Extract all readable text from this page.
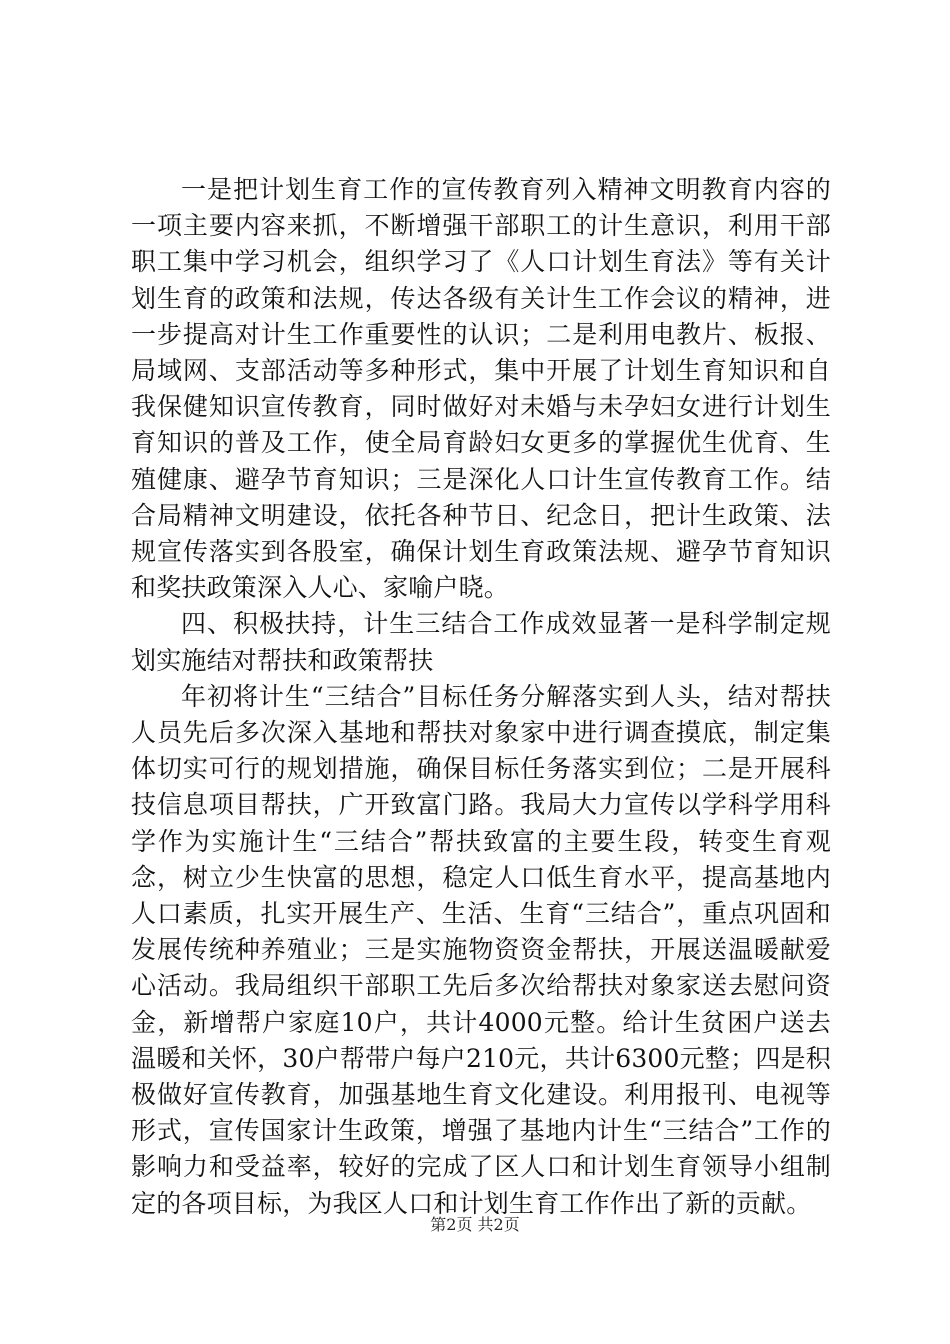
一是把计划生育工作的宣传教育列入精神文明教育内容的一项主要内容来抓，不断增强干部职工的计生意识，利用干部职工集中学习机会，组织学习了《人口计划生育法》等有关计划生育的政策和法规，传达各级有关计生工作会议的精神，进一步提高对计生工作重要性的认识；二是利用电教片、板报、局域网、支部活动等多种形式，集中开展了计划生育知识和自我保健知识宣传教育，同时做好对未婚与未孕妇女进行计划生育知识的普及工作，使全局育龄妇女更多的掌握优生优育、生殖健康、避孕节育知识；三是深化人口计生宣传教育工作。结合局精神文明建设，依托各种节日、纪念日，把计生政策、法规宣传落实到各股室，确保计划生育政策法规、避孕节育知识和奖扶政策深入人心、家喻户晓。

四、积极扶持，计生三结合工作成效显著一是科学制定规划实施结对帮扶和政策帮扶

年初将计生“三结合”目标任务分解落实到人头，结对帮扶人员先后多次深入基地和帮扶对象家中进行调查摸底，制定集体切实可行的规划措施，确保目标任务落实到位；二是开展科技信息项目帮扶，广开致富门路。我局大力宣传以学科学用科学作为实施计生“三结合”帮扶致富的主要生段，转变生育观念，树立少生快富的思想，稳定人口低生育水平，提高基地内人口素质，扎实开展生产、生活、生育“三结合”，重点巩固和发展传统种养殖业；三是实施物资资金帮扶，开展送温暖献爱心活动。我局组织干部职工先后多次给帮扶对象家送去慰问资金，新增帮户家庭10户，共计4000元整。给计生贫困户送去温暖和关怀，30户帮带户每户210元，共计6300元整；四是积极做好宣传教育，加强基地生育文化建设。利用报刊、电视等形式，宣传国家计生政策，增强了基地内计生“三结合”工作的影响力和受益率，较好的完成了区人口和计划生育领导小组制定的各项目标，为我区人口和计划生育工作作出了新的贡献。

第2页 共2页
